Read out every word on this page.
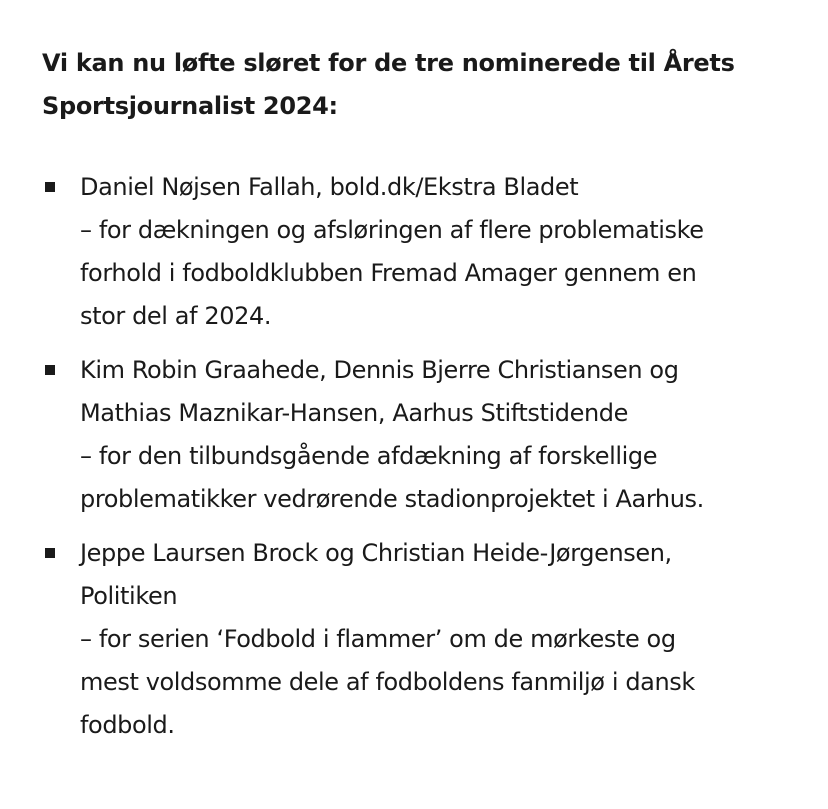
Vi kan nu løfte sløret for de tre nominerede til Årets
Sportsjournalist 2024:
Daniel Nøjsen Fallah, bold.dk/Ekstra Bladet
– for dækningen og afsløringen af flere problematiske
forhold i fodboldklubben Fremad Amager gennem en
stor del af 2024.
Kim Robin Graahede, Dennis Bjerre Christiansen og
Mathias Maznikar-Hansen, Aarhus Stiftstidende
– for den tilbundsgående afdækning af forskellige
problematikker vedrørende stadionprojektet i Aarhus.
Jeppe Laursen Brock og Christian Heide-Jørgensen,
Politiken
– for serien ‘Fodbold i flammer’ om de mørkeste og
mest voldsomme dele af fodboldens fanmiljø i dansk
fodbold.
